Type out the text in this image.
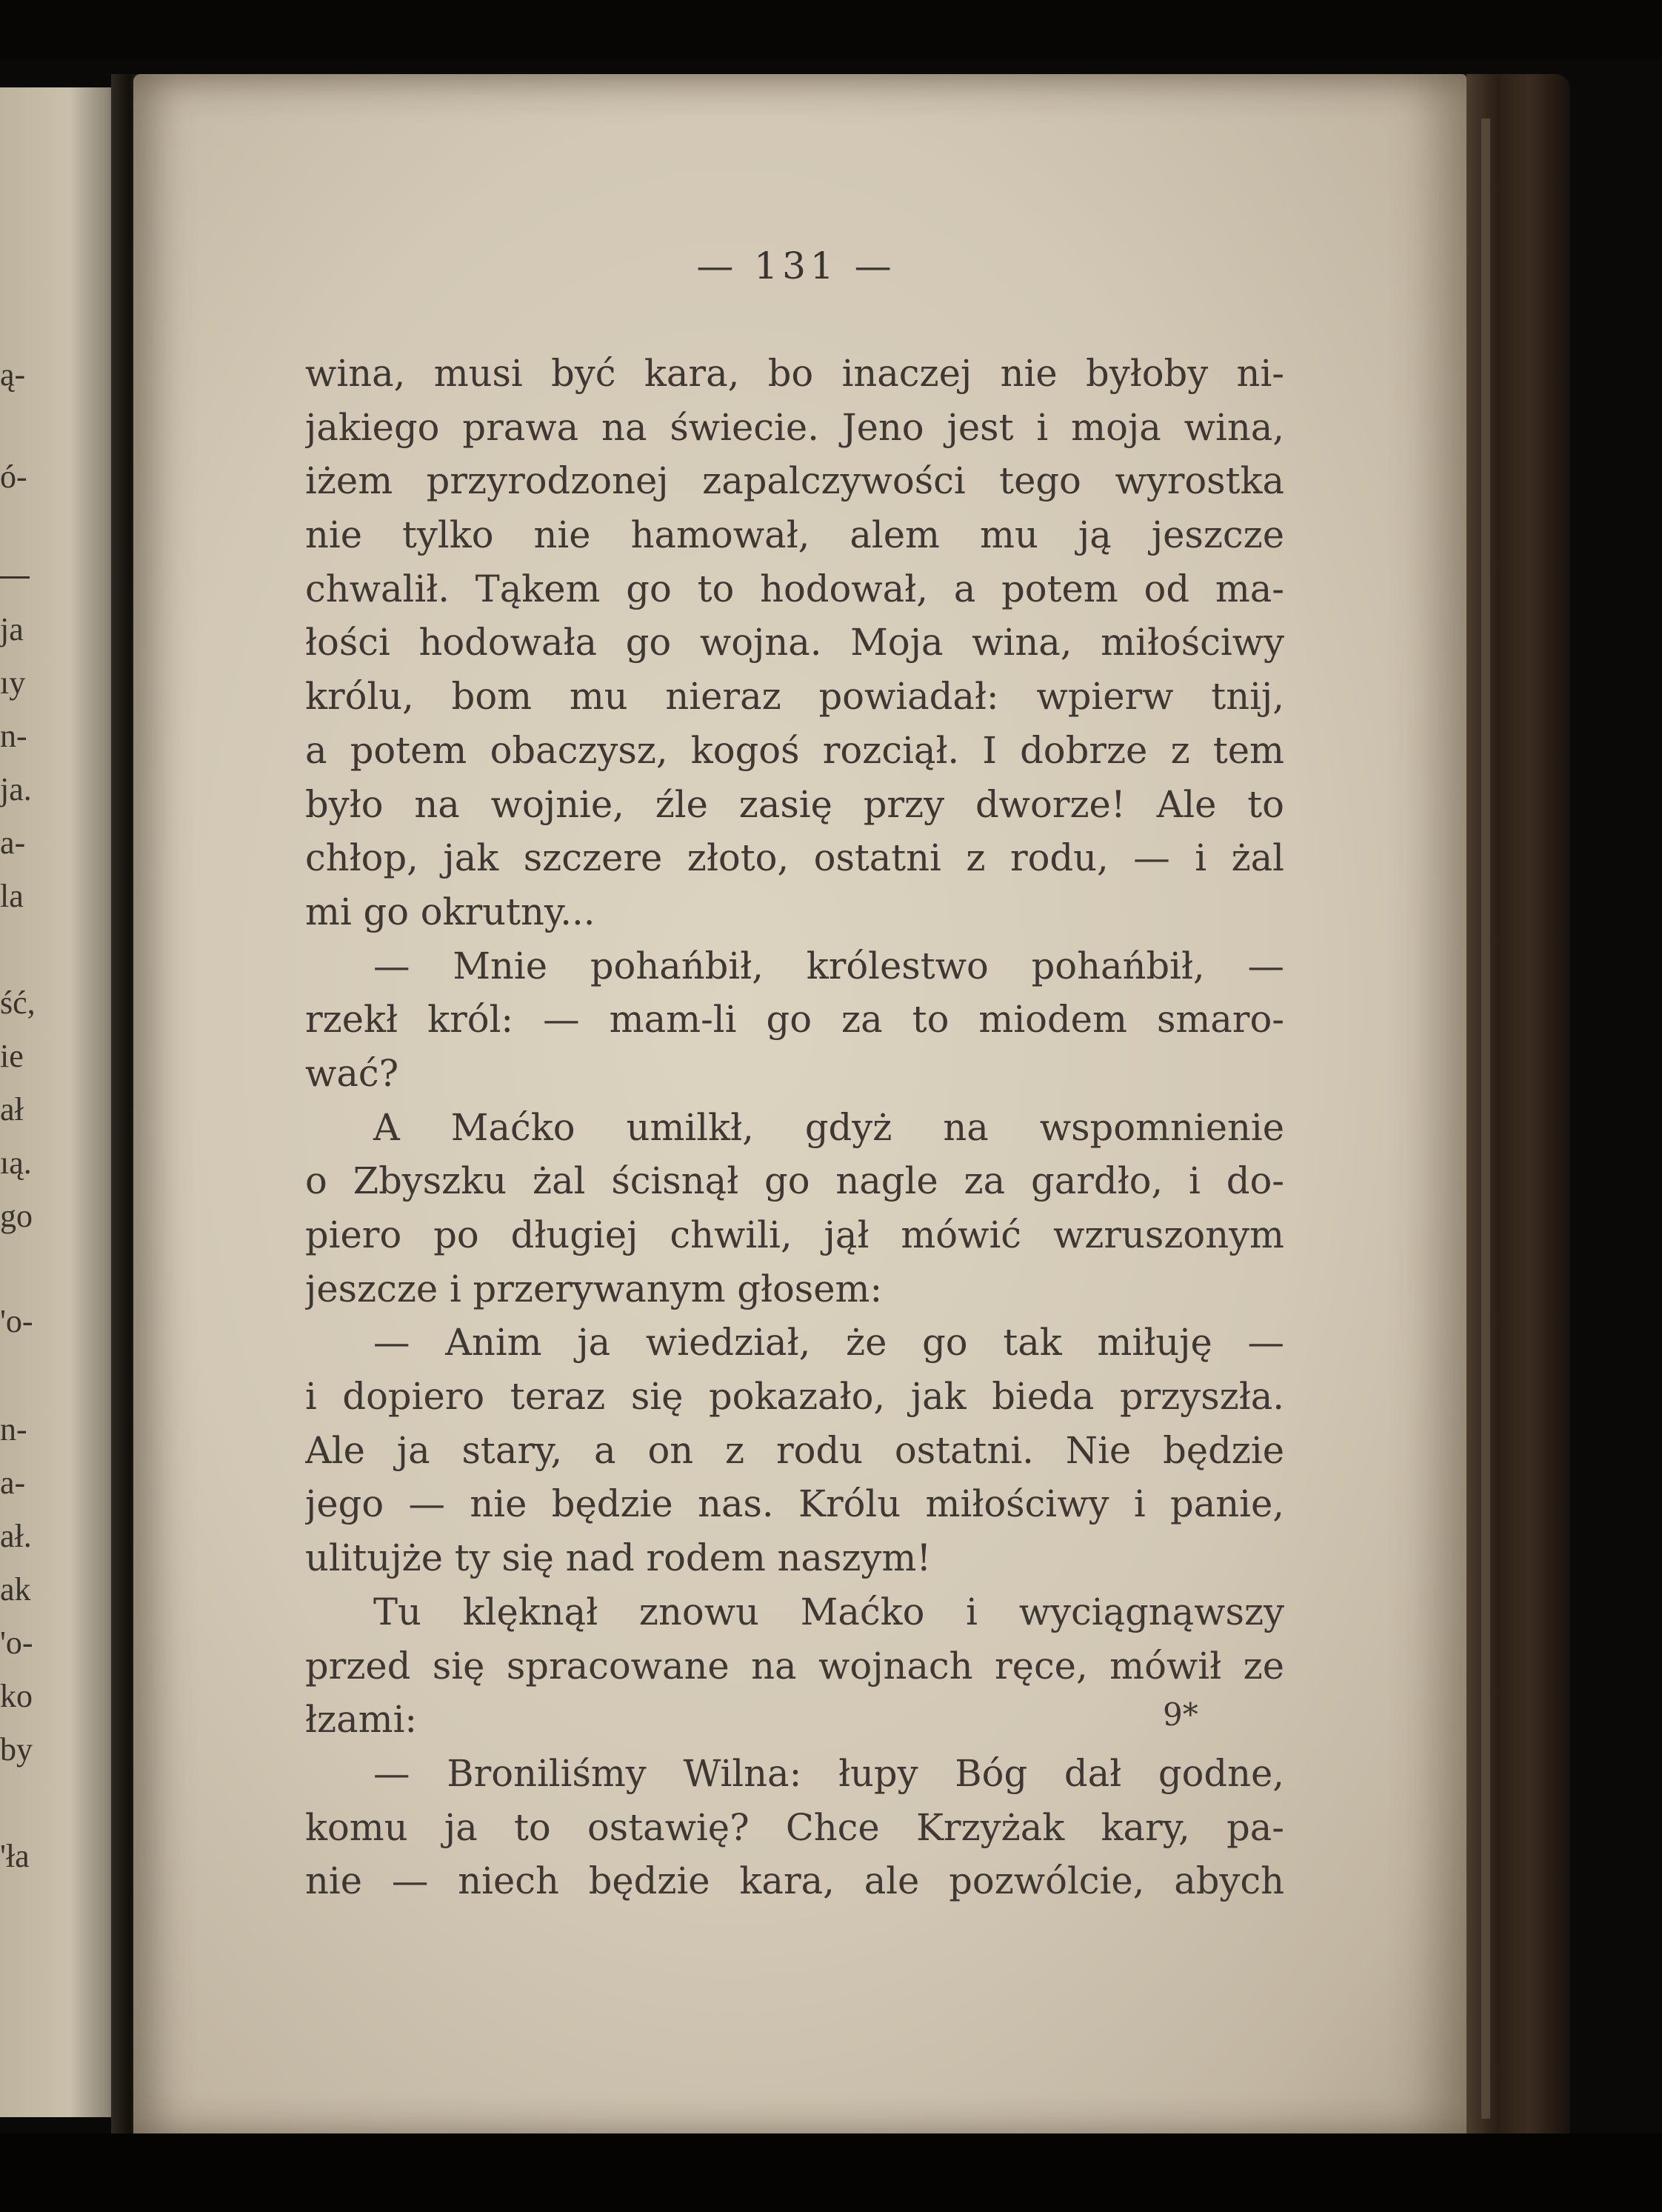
ą-
ó-
ja
ıy
n-
ja.
a-
la
ść,
ie
ał
ıą.
go
'o-
n-
a-
ał.
ak
'o-
ko
by
'ła
— 131 —
wina, musi być kara, bo inaczej nie byłoby ni-
jakiego prawa na świecie. Jeno jest i moja wina,
iżem przyrodzonej zapalczywości tego wyrostka
nie tylko nie hamował, alem mu ją jeszcze
chwalił. Tąkem go to hodował, a potem od ma-
łości hodowała go wojna. Moja wina, miłościwy
królu, bom mu nieraz powiadał: wpierw tnij,
a potem obaczysz, kogoś rozciął. I dobrze z tem
było na wojnie, źle zasię przy dworze! Ale to
chłop, jak szczere złoto, ostatni z rodu, — i żal
mi go okrutny...
— Mnie pohańbił, królestwo pohańbił, —
rzekł król: — mam-li go za to miodem smaro-
wać?
A Maćko umilkł, gdyż na wspomnienie
o Zbyszku żal ścisnął go nagle za gardło, i do-
piero po długiej chwili, jął mówić wzruszonym
jeszcze i przerywanym głosem:
— Anim ja wiedział, że go tak miłuję —
i dopiero teraz się pokazało, jak bieda przyszła.
Ale ja stary, a on z rodu ostatni. Nie będzie
jego — nie będzie nas. Królu miłościwy i panie,
ulitujże ty się nad rodem naszym!
Tu klęknął znowu Maćko i wyciągnąwszy
przed się spracowane na wojnach ręce, mówił ze
łzami:
— Broniliśmy Wilna: łupy Bóg dał godne,
komu ja to ostawię? Chce Krzyżak kary, pa-
nie — niech będzie kara, ale pozwólcie, abych
9*
